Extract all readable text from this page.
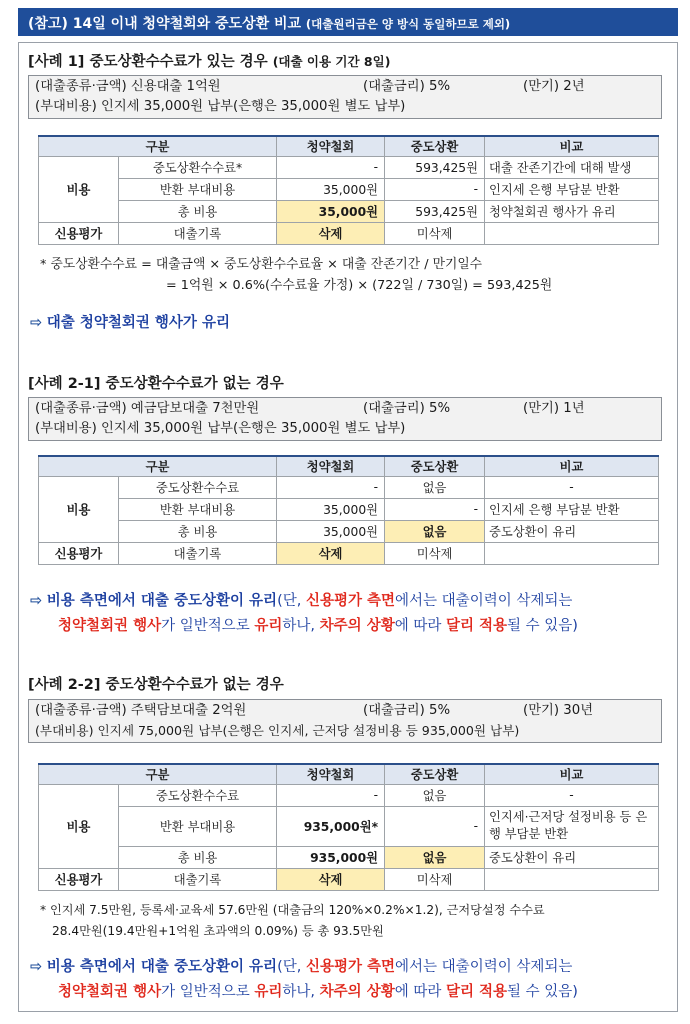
(참고) 14일 이내 청약철회와 중도상환 비교 (대출원리금은 양 방식 동일하므로 제외)
[사례 1] 중도상환수수료가 있는 경우 (대출 이용 기간 8일)
(대출종류·금액) 신용대출 1억원	(대출금리) 5%	(만기) 2년
(부대비용) 인지세 35,000원 납부(은행은 35,000원 별도 납부)
구분		청약철회	중도상환	비교
비용	중도상환수수료*	-	593,425원	대출 잔존기간에 대해 발생
	반환 부대비용	35,000원	-	인지세 은행 부담분 반환
	총 비용	35,000원	593,425원	청약철회권 행사가 유리
신용평가	대출기록	삭제	미삭제	
* 중도상환수수료 = 대출금액 × 중도상환수수료율 × 대출 잔존기간 / 만기일수
= 1억원 × 0.6%(수수료율 가정) × (722일 / 730일) = 593,425원
⇨ 대출 청약철회권 행사가 유리
[사례 2-1] 중도상환수수료가 없는 경우
(대출종류·금액) 예금담보대출 7천만원	(대출금리) 5%	(만기) 1년
(부대비용) 인지세 35,000원 납부(은행은 35,000원 별도 납부)
구분		청약철회	중도상환	비교
비용	중도상환수수료	-	없음	-
	반환 부대비용	35,000원	-	인지세 은행 부담분 반환
	총 비용	35,000원	없음	중도상환이 유리
신용평가	대출기록	삭제	미삭제	
⇨ 비용 측면에서 대출 중도상환이 유리(단, 신용평가 측면에서는 대출이력이 삭제되는
청약철회권 행사가 일반적으로 유리하나, 차주의 상황에 따라 달리 적용될 수 있음)
[사례 2-2] 중도상환수수료가 없는 경우
(대출종류·금액) 주택담보대출 2억원	(대출금리) 5%	(만기) 30년
(부대비용) 인지세 75,000원 납부(은행은 인지세, 근저당 설정비용 등 935,000원 납부)
구분		청약철회	중도상환	비교
비용	중도상환수수료	-	없음	-
	반환 부대비용	935,000원*	-	인지세·근저당 설정비용 등 은행 부담분 반환
	총 비용	935,000원	없음	중도상환이 유리
신용평가	대출기록	삭제	미삭제	
* 인지세 7.5만원, 등록세·교육세 57.6만원 (대출금의 120%×0.2%×1.2), 근저당설정 수수료
28.4만원(19.4만원+1억원 초과액의 0.09%) 등 총 93.5만원
⇨ 비용 측면에서 대출 중도상환이 유리(단, 신용평가 측면에서는 대출이력이 삭제되는
청약철회권 행사가 일반적으로 유리하나, 차주의 상황에 따라 달리 적용될 수 있음)
